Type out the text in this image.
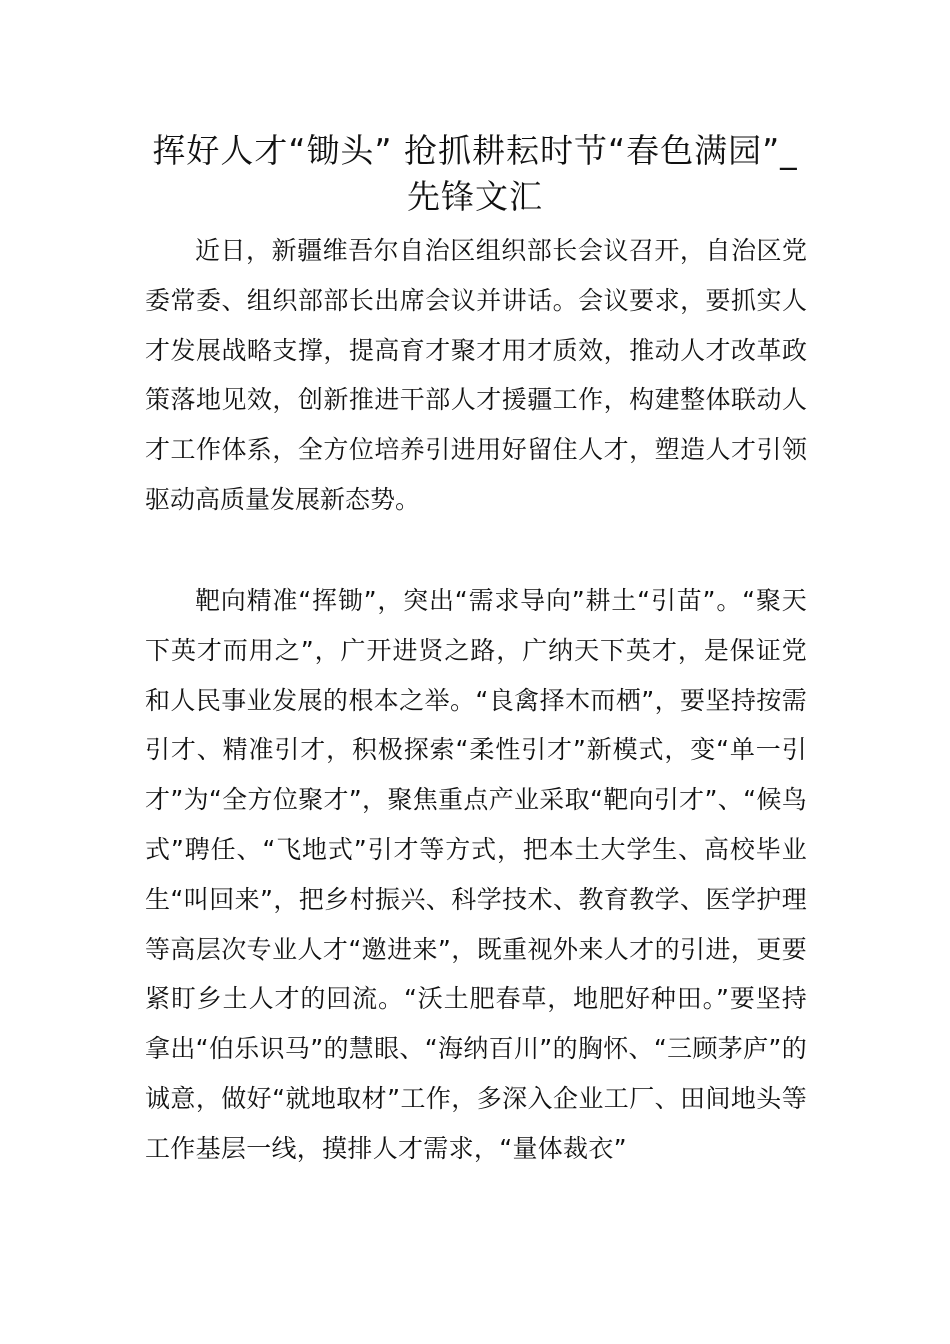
挥好人才“锄头” 抢抓耕耘时节“春色满园”_先锋文汇

近日，新疆维吾尔自治区组织部长会议召开，自治区党委常委、组织部部长出席会议并讲话。会议要求，要抓实人才发展战略支撑，提高育才聚才用才质效，推动人才改革政策落地见效，创新推进干部人才援疆工作，构建整体联动人才工作体系，全方位培养引进用好留住人才，塑造人才引领驱动高质量发展新态势。

靶向精准“挥锄”，突出“需求导向”耕土“引苗”。“聚天下英才而用之”，广开进贤之路，广纳天下英才，是保证党和人民事业发展的根本之举。“良禽择木而栖”，要坚持按需引才、精准引才，积极探索“柔性引才”新模式，变“单一引才”为“全方位聚才”，聚焦重点产业采取“靶向引才”、“候鸟式”聘任、“飞地式”引才等方式，把本土大学生、高校毕业生“叫回来”，把乡村振兴、科学技术、教育教学、医学护理等高层次专业人才“邀进来”，既重视外来人才的引进，更要紧盯乡土人才的回流。“沃土肥春草，地肥好种田。”要坚持拿出“伯乐识马”的慧眼、“海纳百川”的胸怀、“三顾茅庐”的诚意，做好“就地取材”工作，多深入企业工厂、田间地头等工作基层一线，摸排人才需求，“量体裁衣”
